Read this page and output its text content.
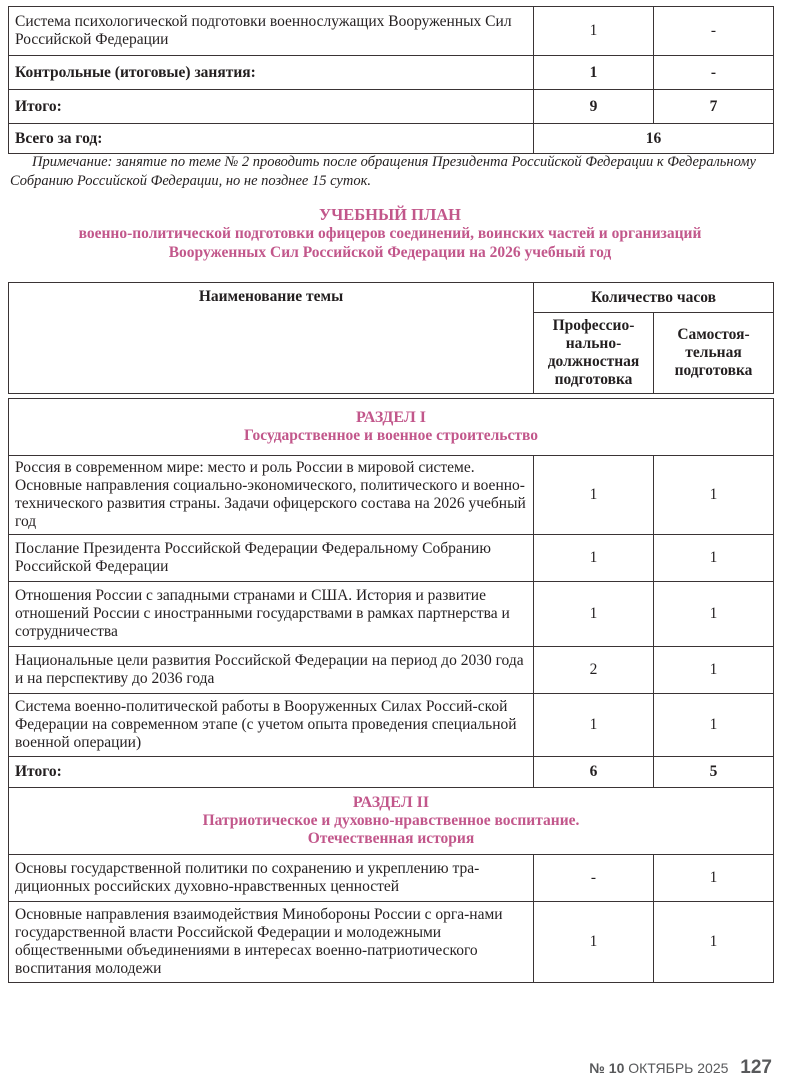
Система психологической подготовки военнослужащих Вооруженных Сил Российской Федерации	1	-
Контрольные (итоговые) занятия:	1	-
Итого:	9	7
Всего за год:	16	
Примечание: занятие по теме № 2 проводить после обращения Президента Российской Федерации к Федеральному Собранию Российской Федерации, но не позднее 15 суток.
УЧЕБНЫЙ ПЛАН
военно-политической подготовки офицеров соединений, воинских частей и организаций
Вооруженных Сил Российской Федерации на 2026 учебный год
Наименование темы	Количество часов	
	Профессио-нально-должностная подготовка	Самостоя-тельная подготовка
РАЗДЕЛ I
Государственное и военное строительство		

Россия в современном мире: место и роль России в мировой системе. Основные направления социально-экономического, политического и военно-технического развития страны. Задачи офицерского состава на 2026 учебный год	1	1
Послание Президента Российской Федерации Федеральному Собранию Российской Федерации	1	1
Отношения России с западными странами и США. История и развитие отношений России с иностранными государствами в рамках партнерства и сотрудничества	1	1
Национальные цели развития Российской Федерации на период до 2030 года и на перспективу до 2036 года	2	1
Система военно-политической работы в Вооруженных Силах Россий-ской Федерации на современном этапе (с учетом опыта проведения специальной военной операции)	1	1
Итого:	6	5

РАЗДЕЛ II
Патриотическое и духовно-нравственное воспитание.
Отечественная история		

Основы государственной политики по сохранению и укреплению тра-диционных российских духовно-нравственных ценностей	-	1
Основные направления взаимодействия Минобороны России с орга-нами государственной власти Российской Федерации и молодежными общественными объединениями в интересах военно-патриотического воспитания молодежи	1	1
№ 10 ОКТЯБРЬ 2025 127
